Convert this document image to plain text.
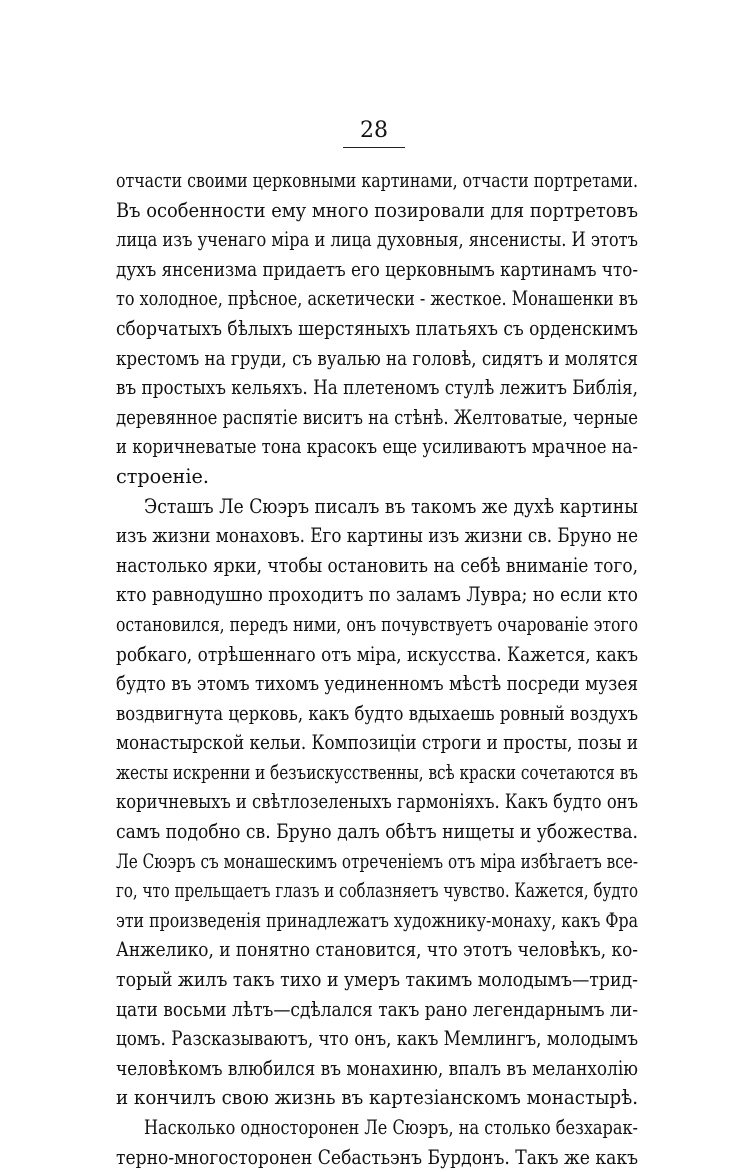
28
отчасти своими церковными картинами, отчасти портретами.
Въ особенности ему много позировали для портретовъ
лица изъ ученаго міра и лица духовныя, янсенисты. И этотъ
духъ янсенизма придаетъ его церковнымъ картинамъ что-
то холодное, прѣсное, аскетически - жесткое. Монашенки въ
сборчатыхъ бѣлыхъ шерстяныхъ платьяхъ съ орденскимъ
крестомъ на груди, съ вуалью на головѣ, сидятъ и молятся
въ простыхъ кельяхъ. На плетеномъ стулѣ лежитъ Библія,
деревянное распятіе виситъ на стѣнѣ. Желтоватые, черные
и коричневатые тона красокъ еще усиливаютъ мрачное на-
строеніе.
Эсташъ Ле Сюэръ писалъ въ такомъ же духѣ картины
изъ жизни монаховъ. Его картины изъ жизни св. Бруно не
настолько ярки, чтобы остановить на себѣ вниманіе того,
кто равнодушно проходитъ по заламъ Лувра; но если кто
остановился, передъ ними, онъ почувствуетъ очарованіе этого
робкаго, отрѣшеннаго отъ міра, искусства. Кажется, какъ
будто въ этомъ тихомъ уединенномъ мѣстѣ посреди музея
воздвигнута церковь, какъ будто вдыхаешь ровный воздухъ
монастырской кельи. Композиціи строги и просты, позы и
жесты искренни и безъискусственны, всѣ краски сочетаются въ
коричневыхъ и свѣтлозеленыхъ гармоніяхъ. Какъ будто онъ
самъ подобно св. Бруно далъ обѣтъ нищеты и убожества.
Ле Сюэръ съ монашескимъ отреченіемъ отъ міра избѣгаетъ все-
го, что прельщаетъ глазъ и соблазняетъ чувство. Кажется, будто
эти произведенія принадлежатъ художнику-монаху, какъ Фра
Анжелико, и понятно становится, что этотъ человѣкъ, ко-
торый жилъ такъ тихо и умеръ такимъ молодымъ—трид-
цати восьми лѣтъ—сдѣлался такъ рано легендарнымъ ли-
цомъ. Разсказываютъ, что онъ, какъ Мемлингъ, молодымъ
человѣкомъ влюбился въ монахиню, впалъ въ меланхолію
и кончилъ свою жизнь въ картезіанскомъ монастырѣ.
Насколько односторонен Ле Сюэръ, на столько безхарак-
терно-многосторонен Себастьэнъ Бурдонъ. Такъ же какъ
